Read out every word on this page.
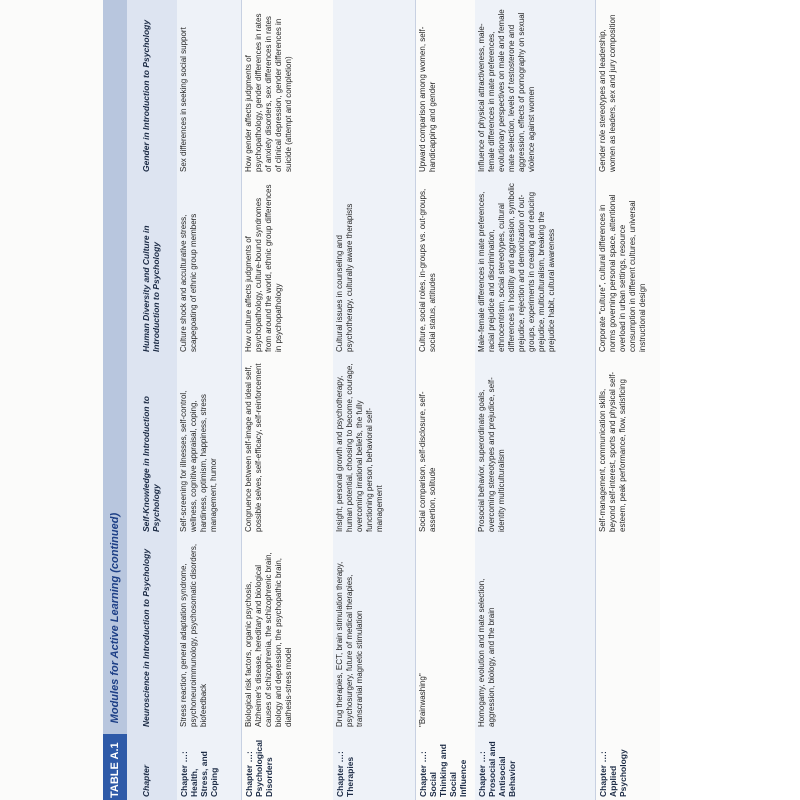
TABLE A.1 Modules for Active Learning (continued)
Chapter
Neuroscience in Introduction to Psychology
Self-Knowledge in Introduction to Psychology
Human Diversity and Culture in Introduction to Psychology
Gender in Introduction to Psychology
Chapter …: Health, Stress, and Coping
Stress reaction, general adaptation syndrome, psychoneuroimmunology, psychosomatic disorders, biofeedback
Self-screening for illnesses, self-control, wellness, cognitive appraisal, coping, hardiness, optimism, happiness, stress management, humor
Culture shock and acculturative stress, scapegoating of ethnic group members
Sex differences in seeking social support
Chapter …: Psychological Disorders
Biological risk factors, organic psychosis, Alzheimer's disease, hereditary and biological causes of schizophrenia, the schizophrenic brain, biology and depression, the psychopathic brain, diathesis-stress model
Congruence between self-image and ideal self, possible selves, self-efficacy, self-reinforcement
How culture affects judgments of psychopathology, culture-bound syndromes from around the world, ethnic group differences in psychopathology
How gender affects judgments of psychopathology, gender differences in rates of anxiety disorders, sex differences in rates of clinical depression, gender differences in suicide (attempt and completion)
Chapter …: Therapies
Drug therapies, ECT, brain stimulation therapy, psychosurgery, future of medical therapies, transcranial magnetic stimulation
Insight, personal growth and psychotherapy, human potential, choosing to become, courage, overcoming irrational beliefs, the fully functioning person, behavioral self-management
Cultural issues in counseling and psychotherapy, culturally aware therapists
Chapter …: Social Thinking and Social Influence
"Brainwashing"
Social comparison, self-disclosure, self-assertion, solitude
Culture, social roles, in-groups vs. out-groups, social status, attitudes
Upward comparison among women, self-handicapping and gender
Chapter …: Prosocial and Antisocial Behavior
Homogamy, evolution and mate selection, aggression, biology, and the brain
Prosocial behavior, superordinate goals, overcoming stereotypes and prejudice, self-identity multiculturalism
Male-female differences in mate preferences, racial prejudice and discrimination, ethnocentrism, social stereotypes, cultural differences in hostility and aggression, symbolic prejudice, rejection and demonization of out-groups, experiments in creating and reducing prejudice, multiculturalism, breaking the prejudice habit, cultural awareness
Influence of physical attractiveness, male-female differences in mate preferences, evolutionary perspectives on male and female mate selection, levels of testosterone and aggression, effects of pornography on sexual violence against women
Chapter …: Applied Psychology
Self-management, communication skills, beyond self-interest, sports and physical self-esteem, peak performance, flow, satisficing
Corporate "culture", cultural differences in norms governing personal space, attentional overload in urban settings, resource consumption in different cultures, universal instructional design
Gender role stereotypes and leadership, women as leaders, sex and jury composition
